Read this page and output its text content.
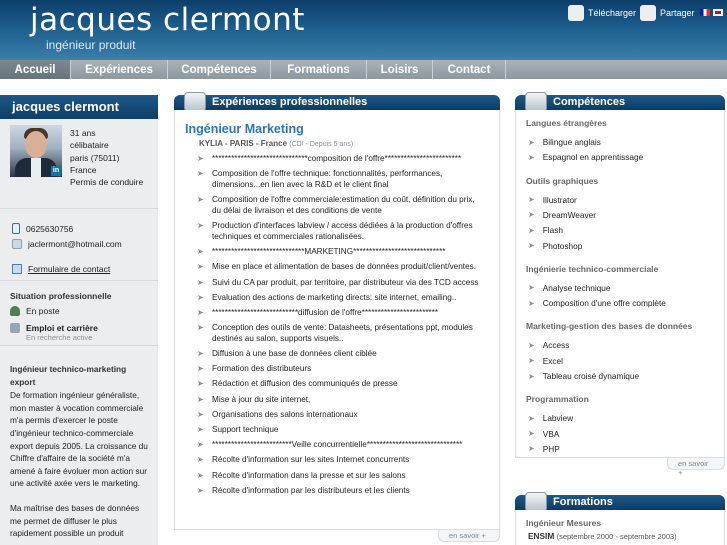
jacques clermont
ingénieur produit
Télécharger	Partager
Accueil	Expériences	Compétences	Formations	Loisirs	Contact
jacques clermont
in
31 ans
célibataire
paris (75011)
France
Permis de conduire
0625630756
jaclermont@hotmail.com
Formulaire de contact
Situation professionnelle
En poste
Emploi et carrière
En recherche active
Ingénieur technico-marketing export

De formation ingénieur généraliste, mon master à vocation commerciale m'a permis d'exercer le poste d'ingénieur technico-commerciale export depuis 2005. La croissance du Chiffre d'affaire de la société m'a amené à faire évoluer mon action sur une activité axée vers le marketing.

Ma maîtrise des bases de données me permet de diffuser le plus rapidement possible un produit

Expériences professionnelles
Ingénieur Marketing
KYLIA - PARIS - France (CDI - Depuis 5 ans)
➤ ******************************composition de l'offre************************
➤ Composition de l'offre technique: fonctionnalités, performances, dimensions...en lien avec la R&D et le client final
➤ Composition de l'offre commerciale:estimation du coût, définition du prix, du délai de livraison et des conditions de vente
➤ Production d'interfaces labview / access dédiées à la production d'offres techniques et commerciales rationalisées.
➤ *****************************MARKETING*****************************
➤ Mise en place et alimentation de bases de données produit/client/ventes.
➤ Suivi du CA par produit, par territoire, par distributeur via des TCD access
➤ Evaluation des actions de marketing directs: site internet, emailing..
➤ ***************************diffusion de l'offre************************
➤ Conception des outils de vente: Datasheets, présentations ppt, modules destinés au salon, supports visuels..
➤ Diffusion à une base de données client ciblée
➤ Formation des distributeurs
➤ Rédaction et diffusion des communiqués de presse
➤ Mise à jour du site internet,
➤ Organisations des salons internationaux
➤ Support technique
➤ *************************Veille concurrentielle******************************
➤ Récolte d'information sur les sites Internet concurrents
➤ Récolte d'information dans la presse et sur les salons
➤ Récolte d'information par les distributeurs et les clients
en savoir +
Compétences
Langues étrangères
➤ Bilingue anglais
➤ Espagnol en apprentissage
Outils graphiques
➤ Illustrator
➤ DreamWeaver
➤ Flash
➤ Photoshop
Ingénierie technico-commerciale
➤ Analyse technique
➤ Composition d'une offre complète
Marketing-gestion des bases de données
➤ Access
➤ Excel
➤ Tableau croisé dynamique
Programmation
➤ Labview
➤ VBA
➤ PHP
en savoir +
Formations
Ingénieur Mesures
ENSIM (septembre 2000 - septembre 2003)
